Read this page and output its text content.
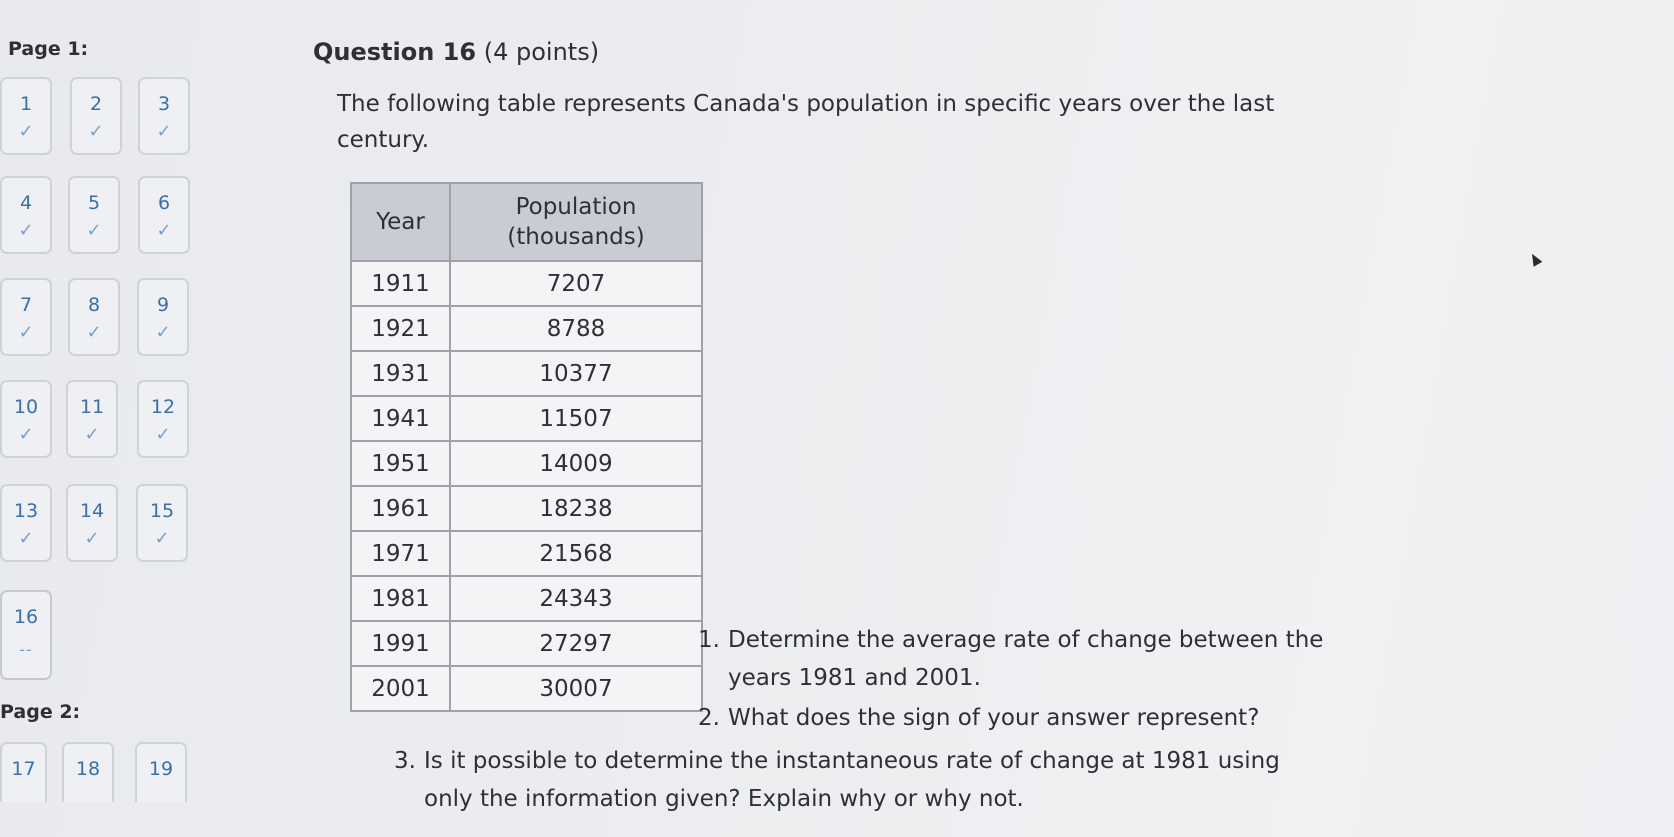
Page 1:
1
✓
2
✓
3
✓
4
✓
5
✓
6
✓
7
✓
8
✓
9
✓
10
✓
11
✓
12
✓
13
✓
14
✓
15
✓
16
--
Page 2:
17	18	19
Question 16 (4 points)
The following table represents Canada's population in specific years over the last century.
Year	Population (thousands)
1911	7207
1921	8788
1931	10377
1941	11507
1951	14009
1961	18238
1971	21568
1981	24343
1991	27297
2001	30007
1. Determine the average rate of change between the
years 1981 and 2001.
2. What does the sign of your answer represent?
3. Is it possible to determine the instantaneous rate of change at 1981 using
only the information given? Explain why or why not.
